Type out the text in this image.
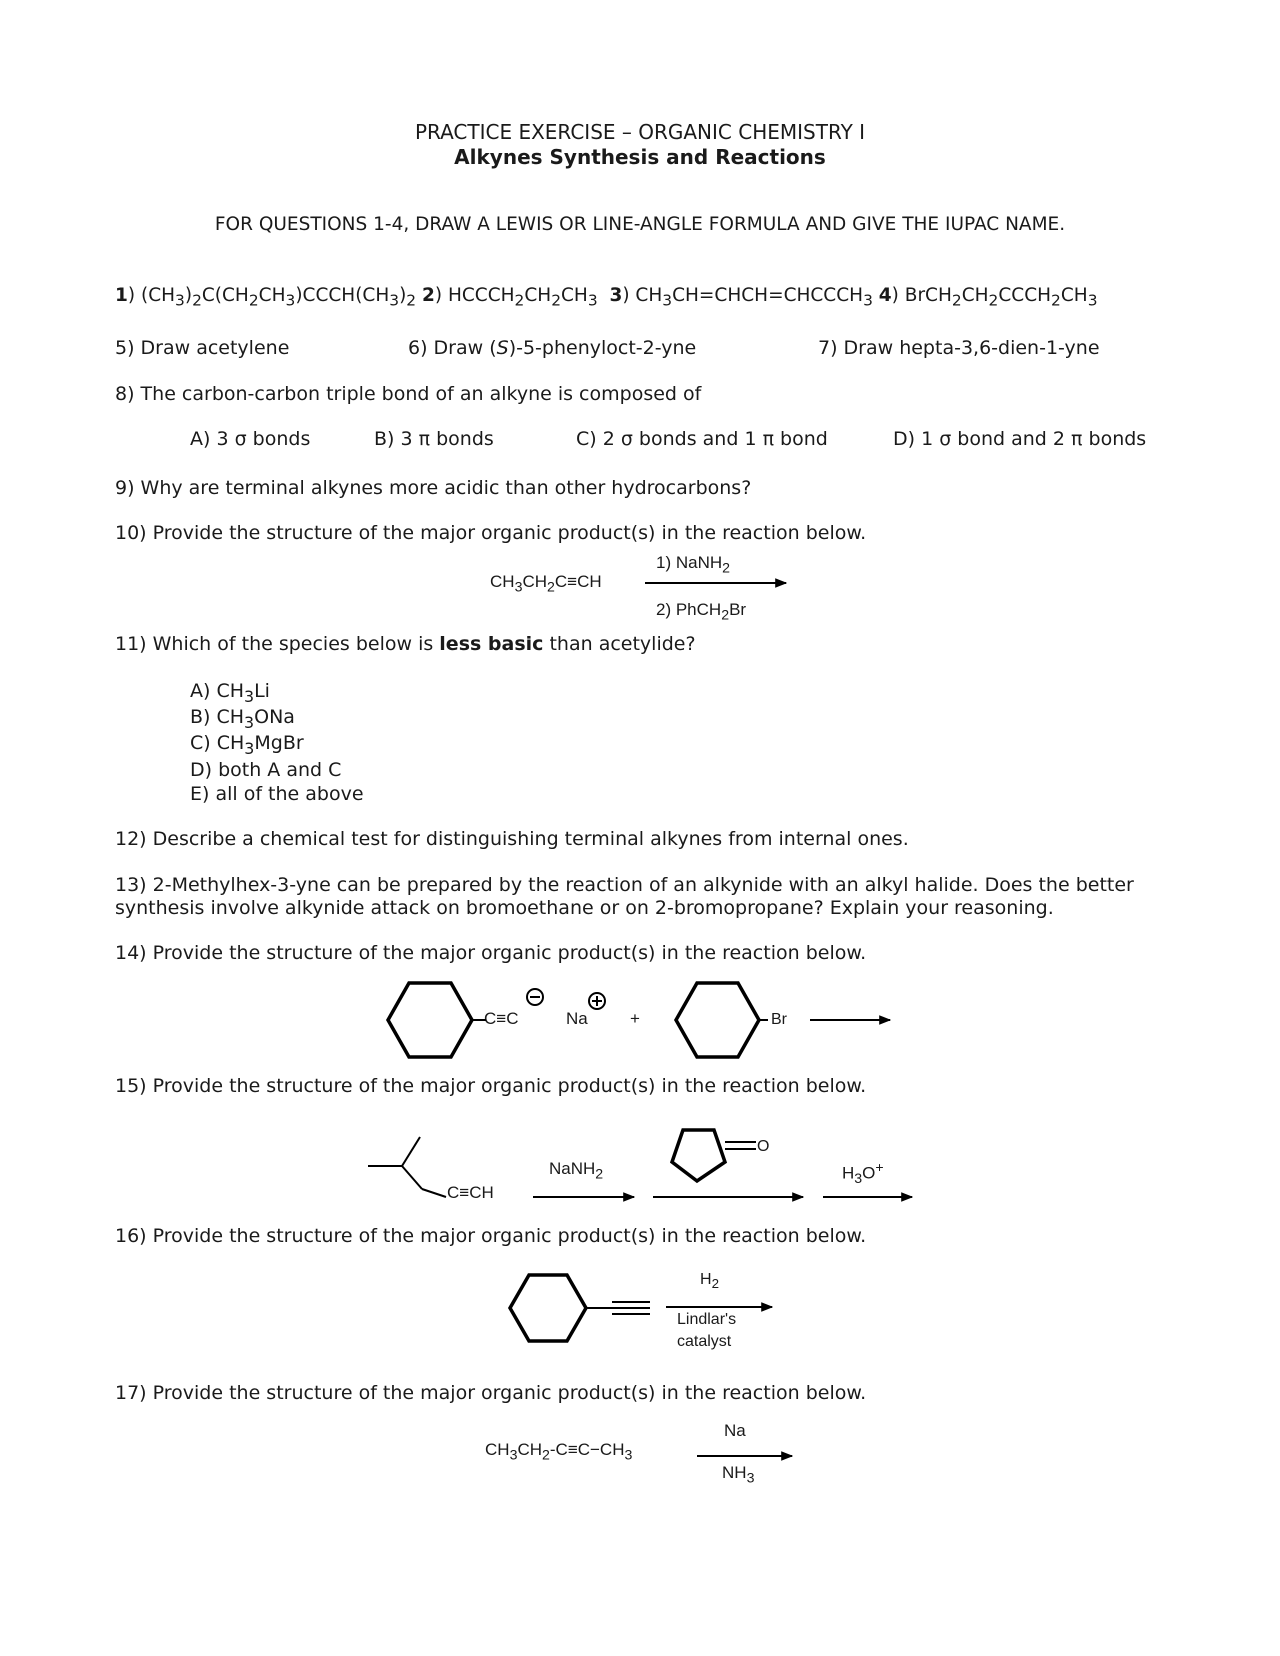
PRACTICE EXERCISE – ORGANIC CHEMISTRY I
Alkynes Synthesis and Reactions
FOR QUESTIONS 1-4, DRAW A LEWIS OR LINE-ANGLE FORMULA AND GIVE THE IUPAC NAME.
1) $(CH_3)_2C(CH_2CH_3)CCCH(CH_3)_2$ 2) $HCCCH_2CH_2CH_3$ 3) $CH_3CH=CHCH=CHCCCH_3$ 4) $BrCH_2CH_2CCCH_2CH_3$
5) Draw acetylene	6) Draw (S)-5-phenyloct-2-yne	7) Draw hepta-3,6-dien-1-yne
8) The carbon-carbon triple bond of an alkyne is composed of
A) 3 σ bonds	B) 3 π bonds	C) 2 σ bonds and 1 π bond	D) 1 σ bond and 2 π bonds
9) Why are terminal alkynes more acidic than other hydrocarbons?
10) Provide the structure of the major organic product(s) in the reaction below.
$CH_3CH_2C\equiv CH$
1) NaNH$_2$
2) PhCH$_2$Br
11) Which of the species below is less basic than acetylide?
A) $CH_3Li$
B) $CH_3ONa$
C) $CH_3MgBr$
D) both A and C
E) all of the above
12) Describe a chemical test for distinguishing terminal alkynes from internal ones.
13) 2-Methylhex-3-yne can be prepared by the reaction of an alkynide with an alkyl halide. Does the better
synthesis involve alkynide attack on bromoethane or on 2-bromopropane? Explain your reasoning.
14) Provide the structure of the major organic product(s) in the reaction below.
C≡C	Na +	Br
15) Provide the structure of the major organic product(s) in the reaction below.
C≡CH
NaNH$_2$
O
$H_3O^+$
16) Provide the structure of the major organic product(s) in the reaction below.
$H_2$
Lindlar's
catalyst
17) Provide the structure of the major organic product(s) in the reaction below.
$CH_3CH_2-C\equiv C-CH_3$
Na
$NH_3$
